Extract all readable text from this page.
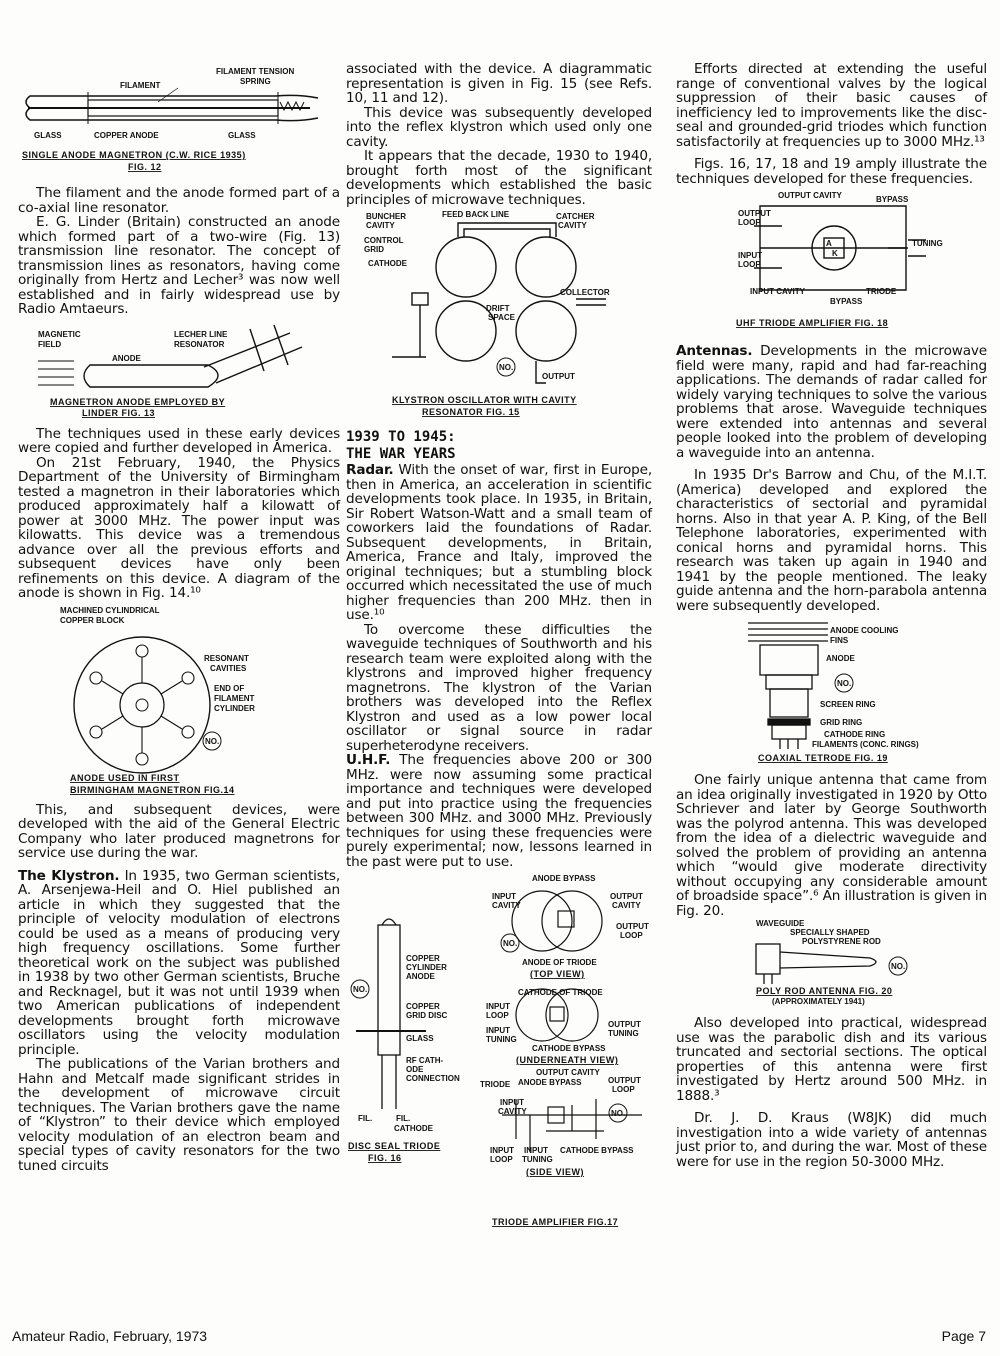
FILAMENT
FILAMENT TENSION
SPRING
GLASS	COPPER ANODE	GLASS
SINGLE ANODE MAGNETRON (C.W. RICE 1935)
FIG. 12

The filament and the anode formed part of a co-axial line resonator.

E. G. Linder (Britain) constructed an anode which formed part of a two-wire (Fig. 13) transmission line resonator. The concept of transmission lines as resonators, having come originally from Hertz and Lecher³ was now well established and in fairly widespread use by Radio Amtaeurs.

MAGNETIC
FIELD
LECHER LINE
RESONATOR
ANODE
MAGNETRON ANODE EMPLOYED BY
LINDER FIG. 13

The techniques used in these early devices were copied and further developed in America.

On 21st February, 1940, the Physics Department of the University of Birmingham tested a magnetron in their laboratories which produced approximately half a kilowatt of power at 3000 MHz. The power input was kilowatts. This device was a tremendous advance over all the previous efforts and subsequent devices have only been refinements on this device. A diagram of the anode is shown in Fig. 14.¹⁰

MACHINED CYLINDRICAL
COPPER BLOCK
RESONANT
CAVITIES
END OF
FILAMENT
CYLINDER
NO.
ANODE USED IN FIRST
BIRMINGHAM MAGNETRON FIG.14

This, and subsequent devices, were developed with the aid of the General Electric Company who later produced magnetrons for service use during the war.

The Klystron. In 1935, two German scientists, A. Arsenjewa-Heil and O. Hiel published an article in which they suggested that the principle of velocity modulation of electrons could be used as a means of producing very high frequency oscillations. Some further theoretical work on the subject was published in 1938 by two other German scientists, Bruche and Recknagel, but it was not until 1939 when two American publications of independent developments brought forth microwave oscillators using the velocity modulation principle.

The publications of the Varian brothers and Hahn and Metcalf made significant strides in the development of microwave circuit techniques. The Varian brothers gave the name of “Klystron” to their device which employed velocity modulation of an electron beam and special types of cavity resonators for the two tuned circuits

associated with the device. A diagrammatic representation is given in Fig. 15 (see Refs. 10, 11 and 12).

This device was subsequently developed into the reflex klystron which used only one cavity.

It appears that the decade, 1930 to 1940, brought forth most of the significant developments which established the basic principles of microwave techniques.

BUNCHER
CAVITY
FEED BACK LINE	CATCHER
CAVITY
CONTROL
GRID
CATHODE
COLLECTOR
DRIFT
SPACE
OUTPUT
NO.
KLYSTRON OSCILLATOR WITH CAVITY
RESONATOR FIG. 15
1939 TO 1945:
THE WAR YEARS

Radar. With the onset of war, first in Europe, then in America, an acceleration in scientific developments took place. In 1935, in Britain, Sir Robert Watson-Watt and a small team of coworkers laid the foundations of Radar. Subsequent developments, in Britain, America, France and Italy, improved the original techniques; but a stumbling block occurred which necessitated the use of much higher frequencies than 200 MHz. then in use.¹⁰

To overcome these difficulties the waveguide techniques of Southworth and his research team were exploited along with the klystrons and improved higher frequency magnetrons. The klystron of the Varian brothers was developed into the Reflex Klystron and used as a low power local oscillator or signal source in radar superheterodyne receivers.

U.H.F. The frequencies above 200 or 300 MHz. were now assuming some practical importance and techniques were developed and put into practice using the frequencies between 300 MHz. and 3000 MHz. Previously techniques for using these frequencies were purely experimental; now, lessons learned in the past were put to use.

COPPER
CYLINDER
ANODE
NO.
COPPER
GRID DISC
GLASS
RF CATH-
ODE
CONNECTION
FIL.	FIL.
CATHODE
DISC SEAL TRIODE
FIG. 16
ANODE BYPASS
INPUT
CAVITY
OUTPUT
CAVITY
OUTPUT
LOOP
NO.
ANODE OF TRIODE
(TOP VIEW)
CATHODE OF TRIODE
INPUT
LOOP
INPUT
TUNING
OUTPUT
TUNING
CATHODE BYPASS
(UNDERNEATH VIEW)
OUTPUT CAVITY
TRIODE ANODE BYPASS	OUTPUT
LOOP
INPUT
CAVITY	NO.
INPUT
LOOP
INPUT
TUNING
CATHODE BYPASS
(SIDE VIEW)
TRIODE AMPLIFIER FIG.17

Efforts directed at extending the useful range of conventional valves by the logical suppression of their basic causes of inefficiency led to improvements like the disc-seal and grounded-grid triodes which function satisfactorily at frequencies up to 3000 MHz.¹³

Figs. 16, 17, 18 and 19 amply illustrate the techniques developed for these frequencies.

A
K
OUTPUT CAVITY	BYPASS
OUTPUT
LOOP
TUNING
INPUT
LOOP
INPUT CAVITY	TRIODE
BYPASS
UHF TRIODE AMPLIFIER FIG. 18

Antennas. Developments in the microwave field were many, rapid and had far-reaching applications. The demands of radar called for widely varying techniques to solve the various problems that arose. Waveguide techniques were extended into antennas and several people looked into the problem of developing a waveguide into an antenna.

In 1935 Dr's Barrow and Chu, of the M.I.T. (America) developed and explored the characteristics of sectorial and pyramidal horns. Also in that year A. P. King, of the Bell Telephone laboratories, experimented with conical horns and pyramidal horns. This research was taken up again in 1940 and 1941 by the people mentioned. The leaky guide antenna and the horn-parabola antenna were subsequently developed.

ANODE COOLING
FINS
ANODE
NO.
SCREEN RING
GRID RING
CATHODE RING
FILAMENTS (CONC. RINGS)
COAXIAL TETRODE FIG. 19

One fairly unique antenna that came from an idea originally investigated in 1920 by Otto Schriever and later by George Southworth was the polyrod antenna. This was developed from the idea of a dielectric waveguide and solved the problem of providing an antenna which “would give moderate directivity without occupying any considerable amount of broadside space”.⁶ An illustration is given in Fig. 20.

WAVEGUIDE
SPECIALLY SHAPED
POLYSTYRENE ROD
NO.
POLY ROD ANTENNA FIG. 20
(APPROXIMATELY 1941)

Also developed into practical, widespread use was the parabolic dish and its various truncated and sectorial sections. The optical properties of this antenna were first investigated by Hertz around 500 MHz. in 1888.³

Dr. J. D. Kraus (W8JK) did much investigation into a wide variety of antennas just prior to, and during the war. Most of these were for use in the region 50-3000 MHz.

Amateur Radio, February, 1973	Page 7
